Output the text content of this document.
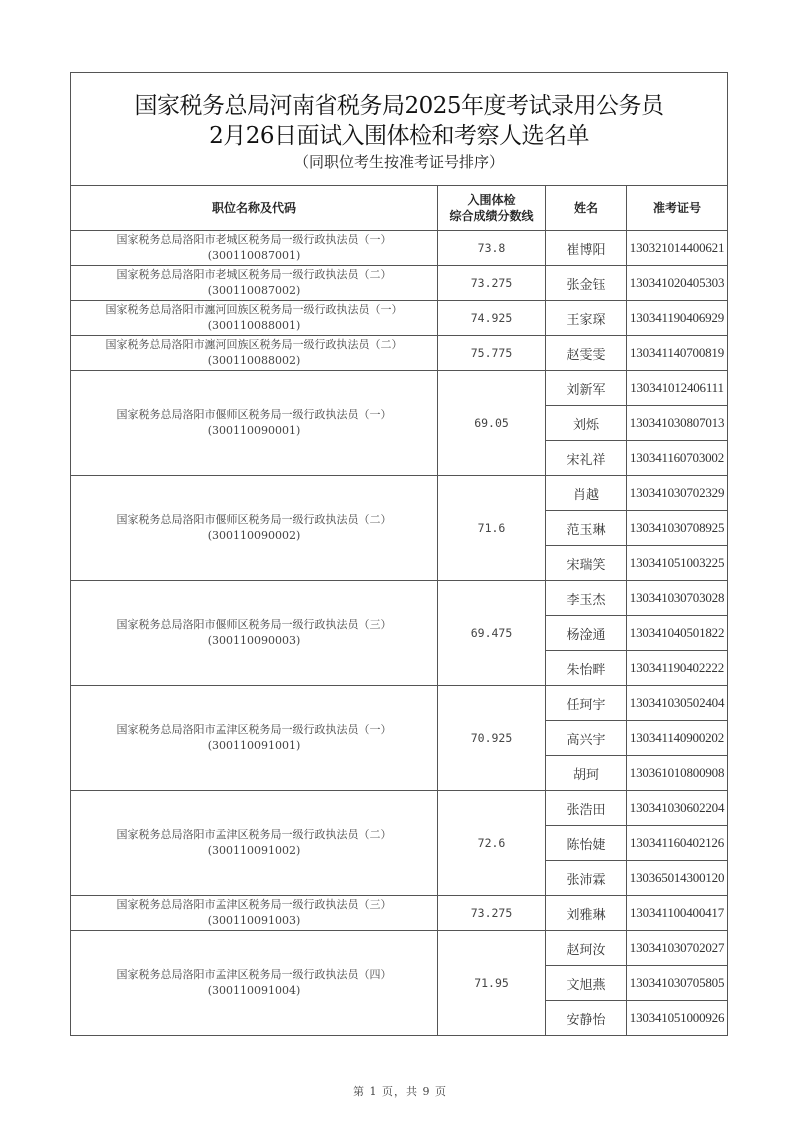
国家税务总局河南省税务局2025年度考试录用公务员
2月26日面试入围体检和考察人选名单
（同职位考生按准考证号排序）			

职位名称及代码	入围体检
综合成绩分数线	姓名	准考证号

国家税务总局洛阳市老城区税务局一级行政执法员（一）
(300110087001)	73.8	崔博阳	130321014400621

国家税务总局洛阳市老城区税务局一级行政执法员（二）
(300110087002)	73.275	张金钰	130341020405303

国家税务总局洛阳市瀍河回族区税务局一级行政执法员（一）
(300110088001)	74.925	王家琛	130341190406929

国家税务总局洛阳市瀍河回族区税务局一级行政执法员（二）
(300110088002)	75.775	赵雯雯	130341140700819

国家税务总局洛阳市偃师区税务局一级行政执法员（一）
(300110090001)	69.05	刘新军	130341012406111
		刘烁	130341030807013
		宋礼祥	130341160703002

国家税务总局洛阳市偃师区税务局一级行政执法员（二）
(300110090002)	71.6	肖越	130341030702329
		范玉琳	130341030708925
		宋瑞笑	130341051003225

国家税务总局洛阳市偃师区税务局一级行政执法员（三）
(300110090003)	69.475	李玉杰	130341030703028
		杨淦通	130341040501822
		朱怡畔	130341190402222

国家税务总局洛阳市孟津区税务局一级行政执法员（一）
(300110091001)	70.925	任珂宇	130341030502404
		高兴宇	130341140900202
		胡珂	130361010800908

国家税务总局洛阳市孟津区税务局一级行政执法员（二）
(300110091002)	72.6	张浩田	130341030602204
		陈怡婕	130341160402126
		张沛霖	130365014300120

国家税务总局洛阳市孟津区税务局一级行政执法员（三）
(300110091003)	73.275	刘雅琳	130341100400417

国家税务总局洛阳市孟津区税务局一级行政执法员（四）
(300110091004)	71.95	赵珂汝	130341030702027
		文旭燕	130341030705805
		安静怡	130341051000926
第 1 页，共 9 页
